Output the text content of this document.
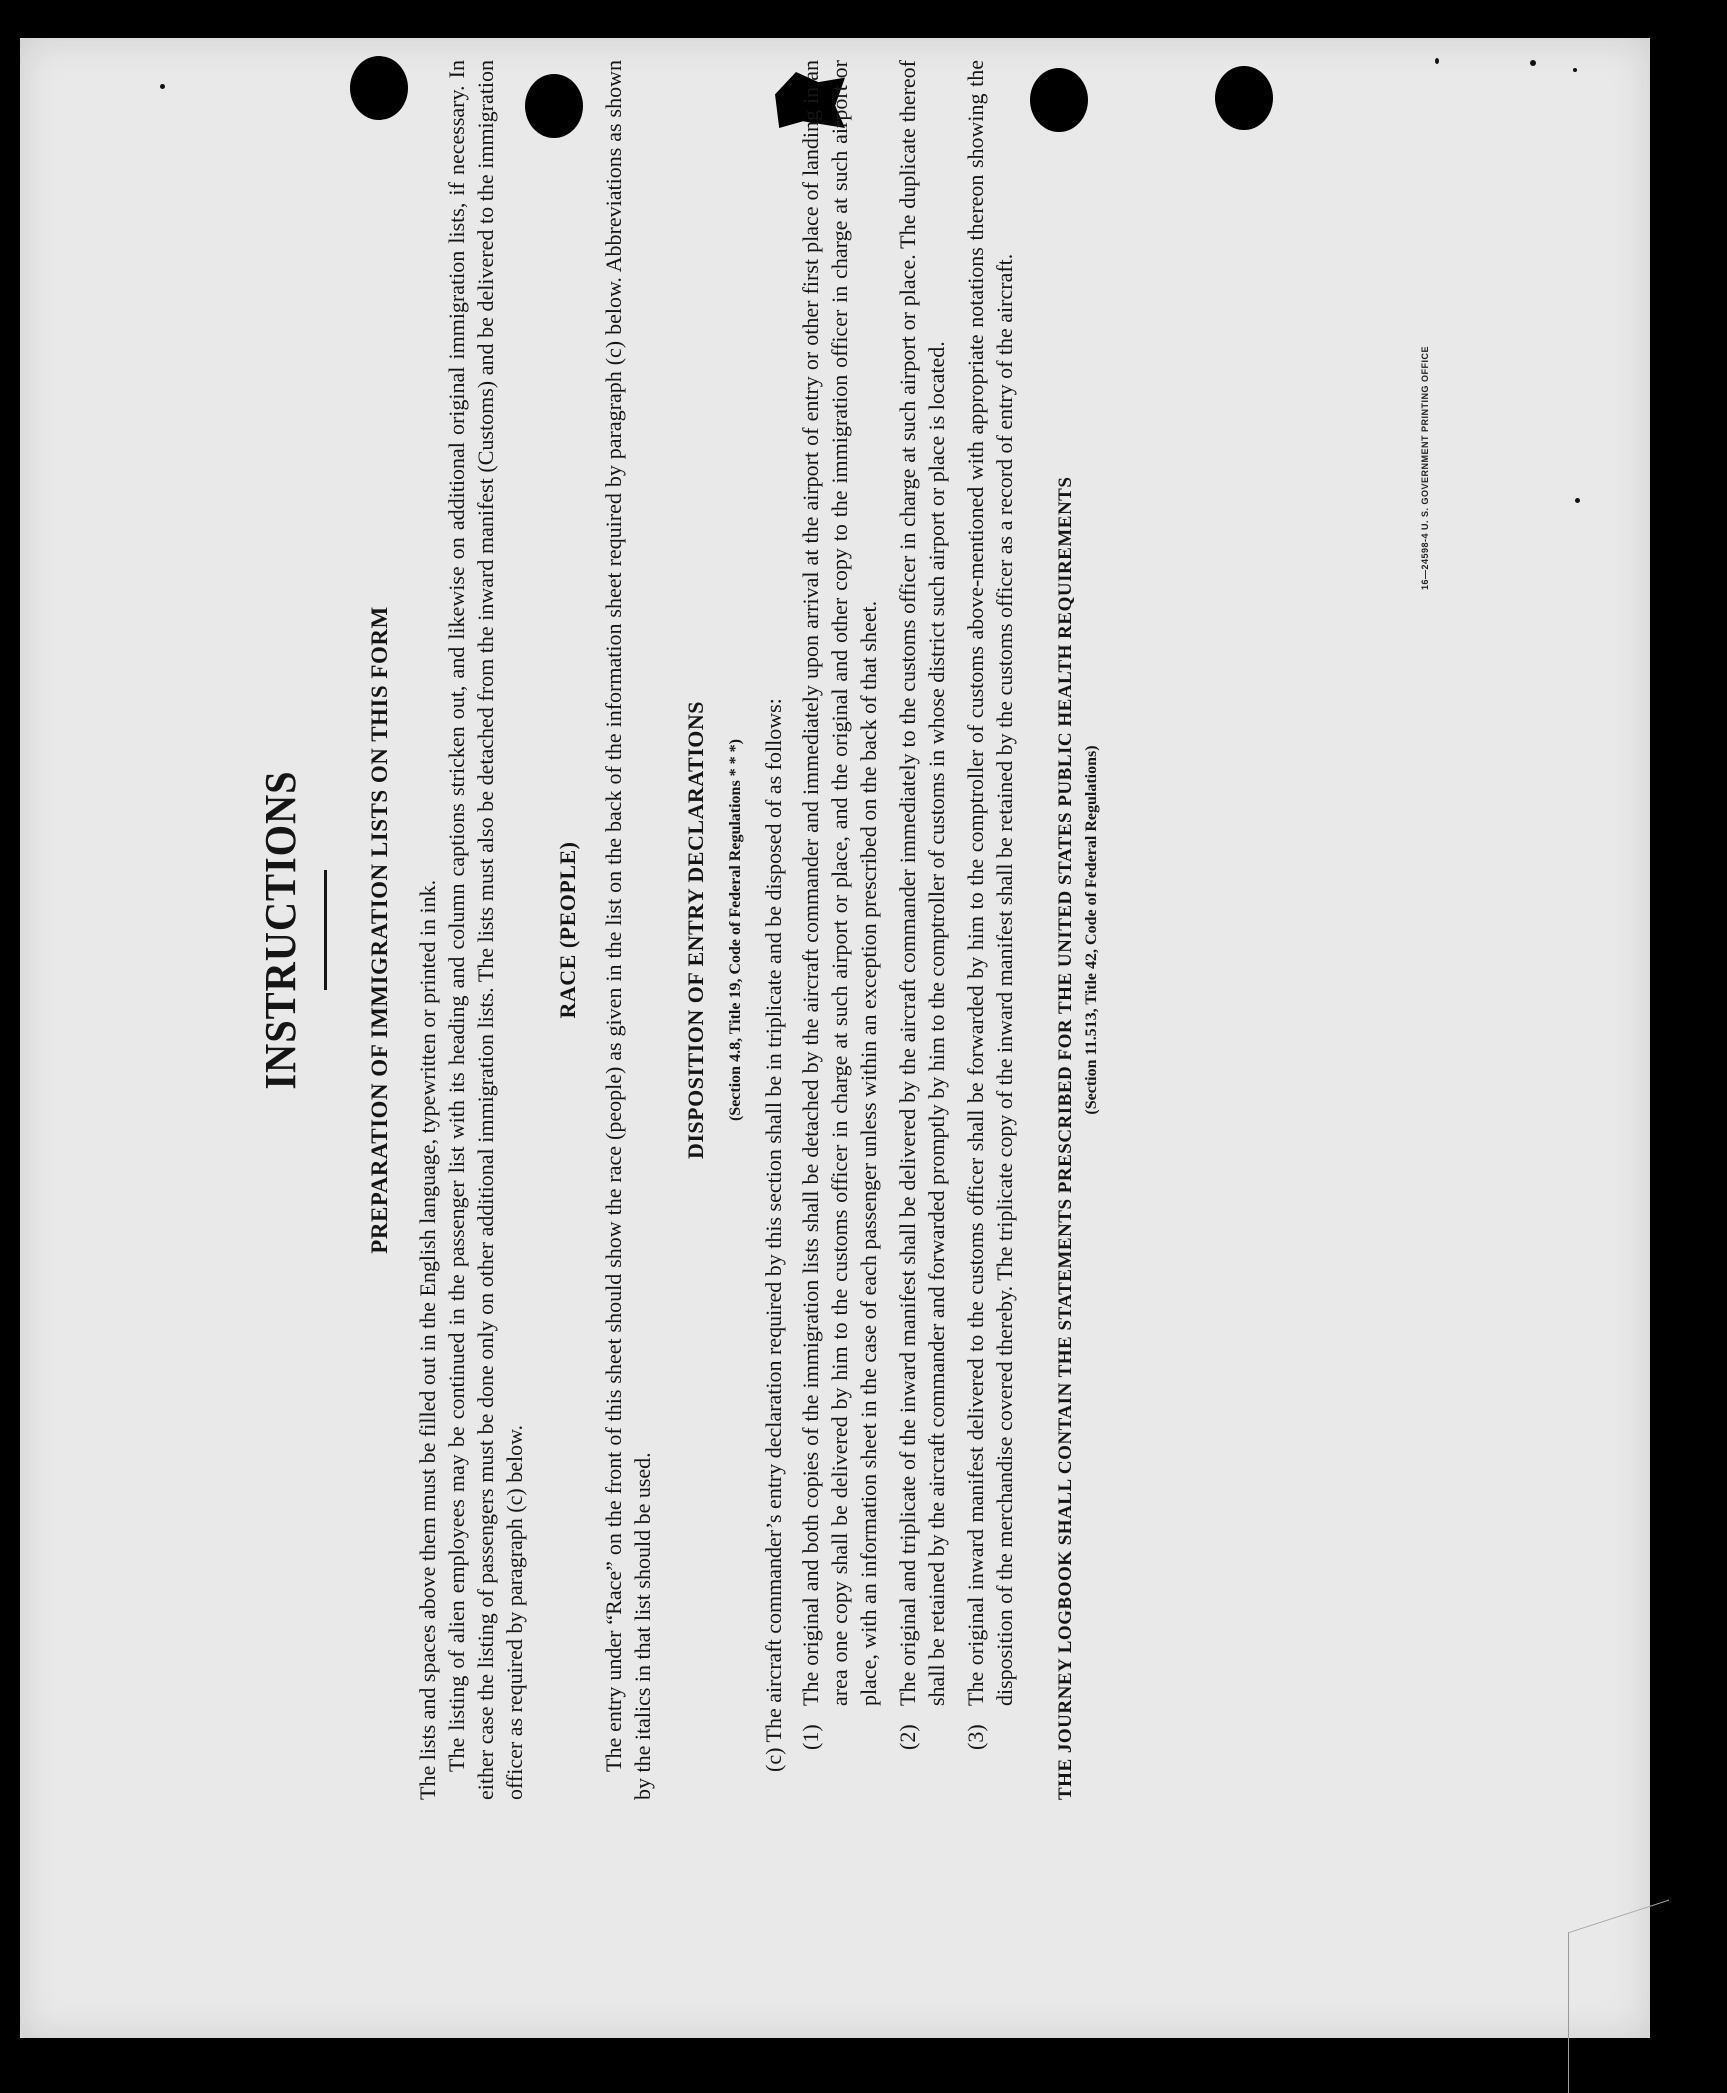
INSTRUCTIONS	PREPARATION OF IMMIGRATION LISTS ON THIS FORM The lists and spaces above them must be filled out in the English language, typewritten or printed in ink. The listing of alien employees may be continued in the passenger list with its heading and column captions stricken out, and likewise on additional original immigration lists, if necessary. In either case the listing of passengers must be done only on other additional immigration lists. The lists must also be detached from the inward manifest (Customs) and be delivered to the immigration officer as required by paragraph (c) below.

RACE (PEOPLE) The entry under “Race” on the front of this sheet should show the race (people) as given in the list on the back of the information sheet required by paragraph (c) below. Abbreviations as shown by the italics in that list should be used.

DISPOSITION OF ENTRY DECLARATIONS (Section 4.8, Title 19, Code of Federal Regulations * * *) (c) The aircraft commander’s entry declaration required by this section shall be in triplicate and be disposed of as follows: (1)
The original and both copies of the immigration lists shall be detached by the aircraft commander and immediately upon arrival at the airport of entry or other first place of landing in an area one copy shall be delivered by him to the customs officer in charge at such airport or place, and the original and other copy to the immigration officer in charge at such airport or place, with an information sheet in the case of each passenger unless within an exception prescribed on the back of that sheet.
(2)
The original and triplicate of the inward manifest shall be delivered by the aircraft commander immediately to the customs officer in charge at such airport or place. The duplicate thereof shall be retained by the aircraft commander and forwarded promptly by him to the comptroller of customs in whose district such airport or place is located.
(3)
The original inward manifest delivered to the customs officer shall be forwarded by him to the comptroller of customs above-mentioned with appropriate notations thereon showing the disposition of the merchandise covered thereby. The triplicate copy of the inward manifest shall be retained by the customs officer as a record of entry of the aircraft. THE JOURNEY LOGBOOK SHALL CONTAIN THE STATEMENTS PRESCRIBED FOR THE UNITED STATES PUBLIC HEALTH REQUIREMENTS (Section 11.513, Title 42, Code of Federal Regulations)
16—24598-4 U. S. GOVERNMENT PRINTING OFFICE
